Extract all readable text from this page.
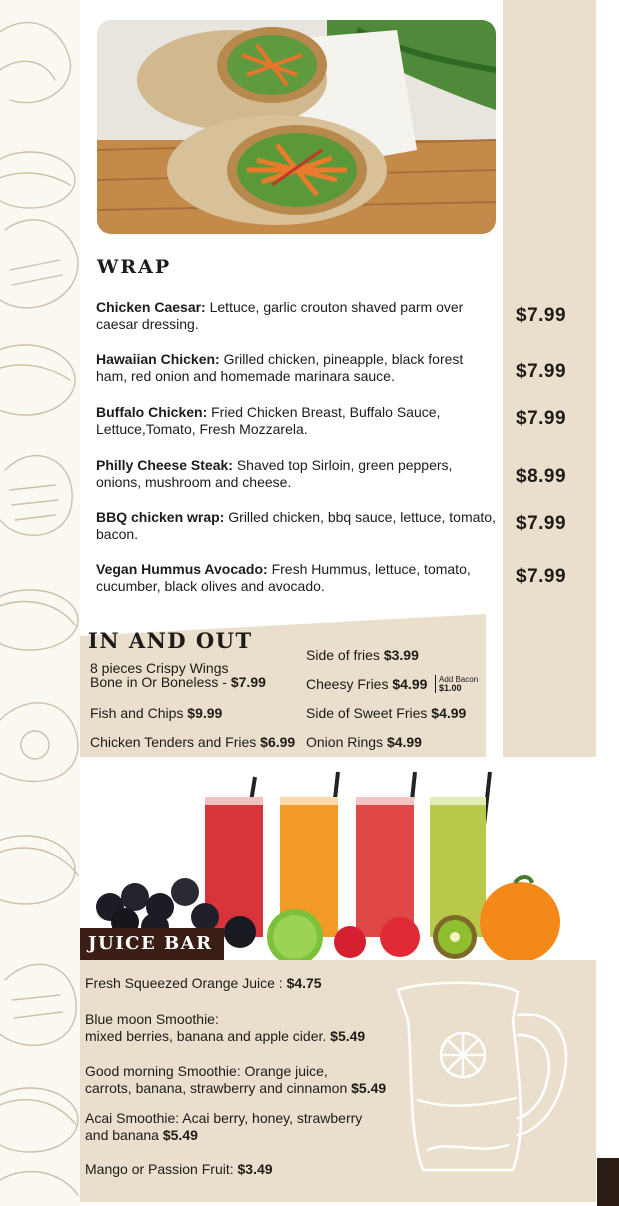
WRAP
Chicken Caesar: Lettuce, garlic crouton shaved parm over caesar dressing.	$7.99
Hawaiian Chicken: Grilled chicken, pineapple, black forest ham, red onion and homemade marinara sauce.	$7.99
Buffalo Chicken: Fried Chicken Breast, Buffalo Sauce, Lettuce,Tomato, Fresh Mozzarela.	$7.99
Philly Cheese Steak: Shaved top Sirloin, green peppers, onions, mushroom and cheese.	$8.99
BBQ chicken wrap: Grilled chicken, bbq sauce, lettuce, tomato, bacon.	$7.99
Vegan Hummus Avocado: Fresh Hummus, lettuce, tomato, cucumber, black olives and avocado.	$7.99
IN AND OUT
8 pieces Crispy Wings
Bone in Or Boneless - $7.99
Fish and Chips $9.99
Chicken Tenders and Fries $6.99
Side of fries $3.99
Cheesy Fries $4.99 Add Bacon
$1.00
Side of Sweet Fries $4.99
Onion Rings $4.99
JUICE BAR
Fresh Squeezed Orange Juice : $4.75
Blue moon Smoothie:
mixed berries, banana and apple cider. $5.49
Good morning Smoothie: Orange juice,
carrots, banana, strawberry and cinnamon $5.49
Acai Smoothie: Acai berry, honey, strawberry
and banana $5.49
Mango or Passion Fruit: $3.49
